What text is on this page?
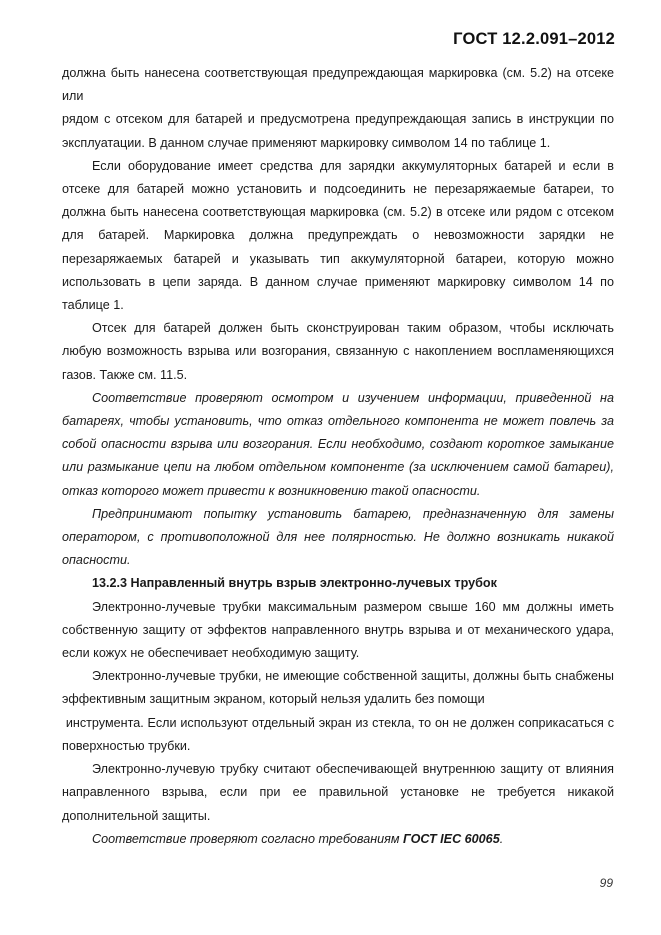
ГОСТ 12.2.091–2012

должна быть нанесена соответствующая предупреждающая маркировка (см. 5.2) на отсеке или

рядом с отсеком для батарей и предусмотрена предупреждающая запись в инструкции по эксплуатации. В данном случае применяют маркировку символом 14 по таблице 1.

Если оборудование имеет средства для зарядки аккумуляторных батарей и если в отсеке для батарей можно установить и подсоединить не перезаряжаемые батареи, то должна быть нанесена соответствующая маркировка (см. 5.2) в отсеке или рядом с отсеком для батарей. Маркировка должна предупреждать о невозможности зарядки не перезаряжаемых батарей и указывать тип аккумуляторной батареи, которую можно использовать в цепи заряда. В данном случае применяют маркировку символом 14 по таблице 1.

Отсек для батарей должен быть сконструирован таким образом, чтобы исключать любую возможность взрыва или возгорания, связанную с накоплением воспламеняющихся газов. Также см. 11.5.

Соответствие проверяют осмотром и изучением информации, приведенной на батареях, чтобы установить, что отказ отдельного компонента не может повлечь за собой опасности взрыва или возгорания. Если необходимо, создают короткое замыкание или размыкание цепи на любом отдельном компоненте (за исключением самой батареи), отказ которого может привести к возникновению такой опасности.

Предпринимают попытку установить батарею, предназначенную для замены оператором, с противоположной для нее полярностью. Не должно возникать никакой опасности.

13.2.3 Направленный внутрь взрыв электронно-лучевых трубок

Электронно-лучевые трубки максимальным размером свыше 160 мм должны иметь собственную защиту от эффектов направленного внутрь взрыва и от механического удара, если кожух не обеспечивает необходимую защиту.

Электронно-лучевые трубки, не имеющие собственной защиты, должны быть снабжены эффективным защитным экраном, который нельзя удалить без помощи

инструмента. Если используют отдельный экран из стекла, то он не должен соприкасаться с поверхностью трубки.

Электронно-лучевую трубку считают обеспечивающей внутреннюю защиту от влияния направленного взрыва, если при ее правильной установке не требуется никакой дополнительной защиты.

Соответствие проверяют согласно требованиям ГОСТ IEC 60065.

99
